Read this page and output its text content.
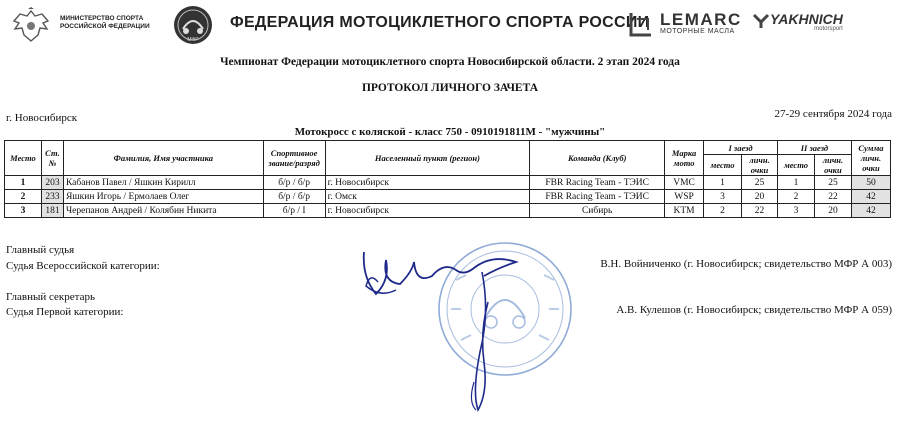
МИНИСТЕРСТВО СПОРТА РОССИЙСКОЙ ФЕДЕРАЦИИ
МФР
ФЕДЕРАЦИЯ МОТОЦИКЛЕТНОГО СПОРТА РОССИИ LEMARC
МОТОРНЫЕ МАСЛА
YAKHNICH
motorsport
Чемпионат Федерации мотоциклетного спорта Новосибирской области. 2 этап 2024 года
ПРОТОКОЛ ЛИЧНОГО ЗАЧЕТА
г. Новосибирск	27-29 сентября 2024 года
Мотокросс с коляской - класс 750 - 0910191811М - "мужчины"
Место	Ст. №	Фамилия, Имя участника	Спортивное звание/разряд	Населенный пункт (регион)	Команда (Клуб)	Марка мото	I заезд		II заезд		Сумма личн. очки
							место	личн. очки	место	личн. очки	
1	203	Кабанов Павел / Яшкин Кирилл	б/р / б/р	г. Новосибирск	FBR Racing Team - ТЭИС	VMC	1	25	1	25	50
2	233	Яшкин Игорь / Ермолаев Олег	б/р / б/р	г. Омск	FBR Racing Team - ТЭИС	WSP	3	20	2	22	42
3	181	Черепанов Андрей / Колябин Никита	б/р / I	г. Новосибирск	Сибирь	KTM	2	22	3	20	42
Главный судья
Судья Всероссийской категории:	В.Н. Войниченко (г. Новосибирск; свидетельство МФР А 003)
Главный секретарь
Судья Первой категории:	А.В. Кулешов (г. Новосибирск; свидетельство МФР А 059)
